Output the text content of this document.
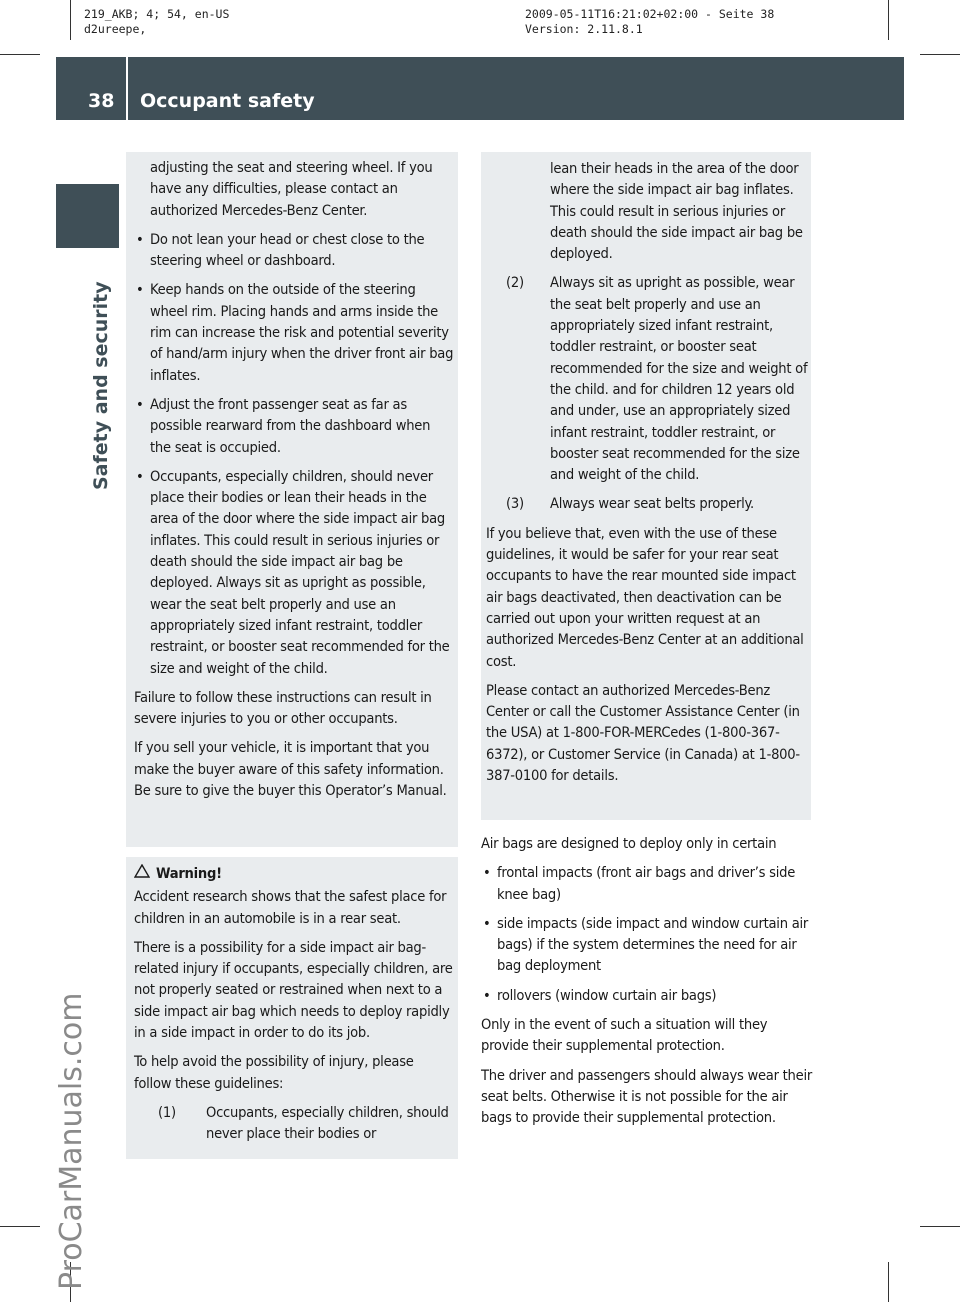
219_AKB; 4; 54, en-US
d2ureepe,
2009-05-11T16:21:02+02:00 - Seite 38
Version: 2.11.8.1
38 Occupant safety
Safety and security
ProCarManuals.com
adjusting the seat and steering wheel. If you have any difficulties, please contact an authorized Mercedes-Benz Center.
• Do not lean your head or chest close to the steering wheel or dashboard.
• Keep hands on the outside of the steering wheel rim. Placing hands and arms inside the rim can increase the risk and potential severity of hand/arm injury when the driver front air bag inflates.
• Adjust the front passenger seat as far as possible rearward from the dashboard when the seat is occupied.
• Occupants, especially children, should never place their bodies or lean their heads in the area of the door where the side impact air bag inflates. This could result in serious injuries or death should the side impact air bag be deployed. Always sit as upright as possible, wear the seat belt properly and use an appropriately sized infant restraint, toddler restraint, or booster seat recommended for the size and weight of the child.

Failure to follow these instructions can result in severe injuries to you or other occupants.

If you sell your vehicle, it is important that you make the buyer aware of this safety information. Be sure to give the buyer this Operator’s Manual.

Warning!

Accident research shows that the safest place for children in an automobile is in a rear seat.

There is a possibility for a side impact air bag-related injury if occupants, especially children, are not properly seated or restrained when next to a side impact air bag which needs to deploy rapidly in a side impact in order to do its job.

To help avoid the possibility of injury, please follow these guidelines:

(1) Occupants, especially children, should never place their bodies or
lean their heads in the area of the door where the side impact air bag inflates. This could result in serious injuries or death should the side impact air bag be deployed.
(2) Always sit as upright as possible, wear the seat belt properly and use an appropriately sized infant restraint, toddler restraint, or booster seat recommended for the size and weight of the child. and for children 12 years old and under, use an appropriately sized infant restraint, toddler restraint, or booster seat recommended for the size and weight of the child.
(3) Always wear seat belts properly.

If you believe that, even with the use of these guidelines, it would be safer for your rear seat occupants to have the rear mounted side impact air bags deactivated, then deactivation can be carried out upon your written request at an authorized Mercedes-Benz Center at an additional cost.

Please contact an authorized Mercedes-Benz Center or call the Customer Assistance Center (in the USA) at 1-800-FOR-MERCedes (1-800-367-6372), or Customer Service (in Canada) at 1-800-387-0100 for details.

Air bags are designed to deploy only in certain

• frontal impacts (front air bags and driver’s side knee bag)
• side impacts (side impact and window curtain air bags) if the system determines the need for air bag deployment
• rollovers (window curtain air bags)

Only in the event of such a situation will they provide their supplemental protection.

The driver and passengers should always wear their seat belts. Otherwise it is not possible for the air bags to provide their supplemental protection.
